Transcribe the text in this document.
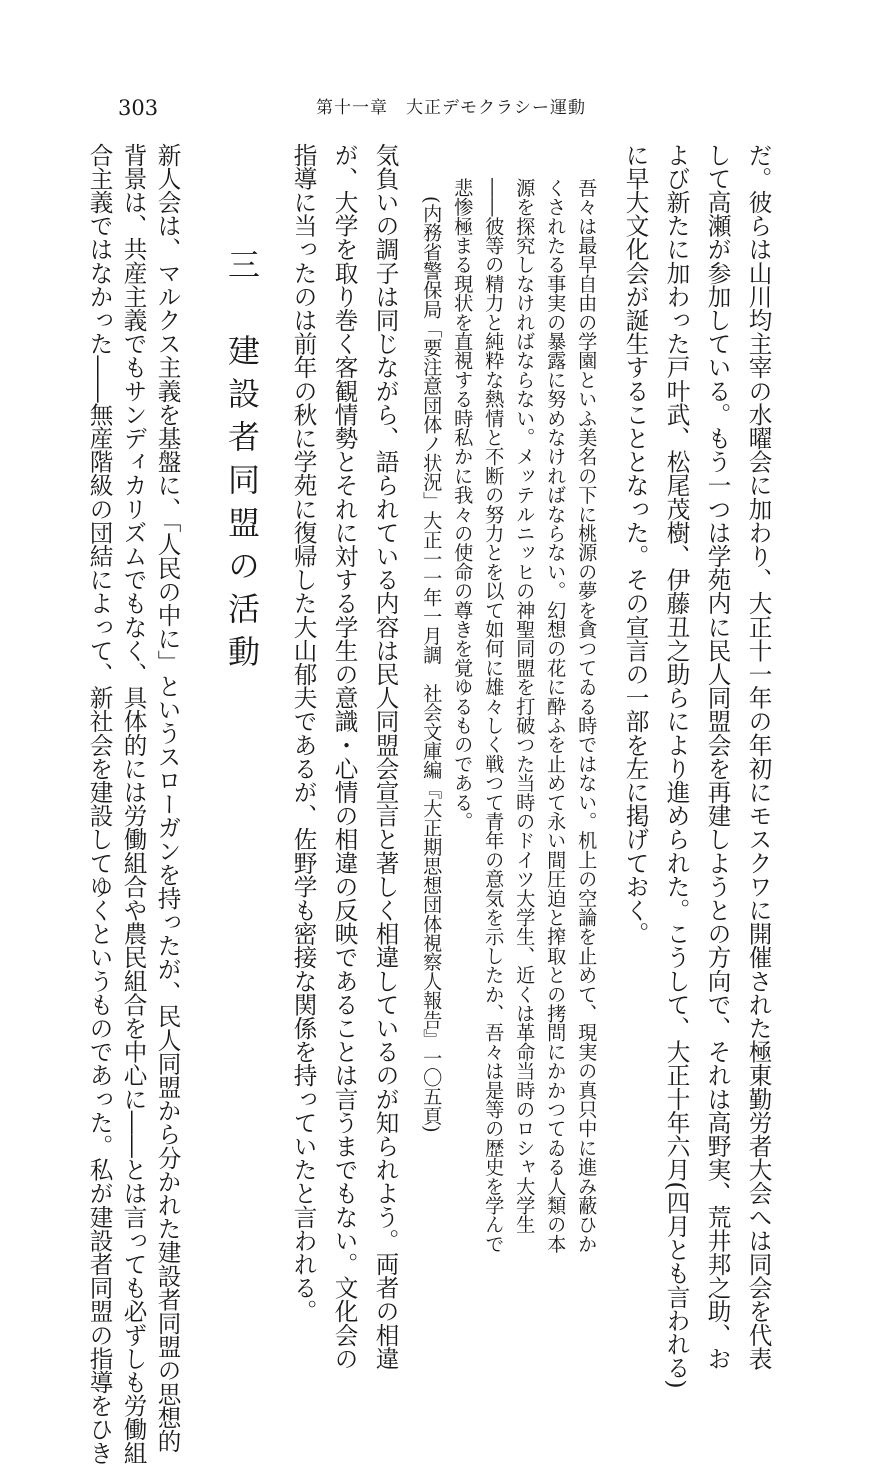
303	第十一章　大正デモクラシー運動
だ。彼らは山川均主宰の水曜会に加わり、大正十一年の年初にモスクワに開催された極東勤労者大会へは同会を代表
して高瀬が参加している。もう一つは学苑内に民人同盟会を再建しようとの方向で、それは高野実、荒井邦之助、お
よび新たに加わった戸叶武、松尾茂樹、伊藤丑之助らにより進められた。こうして、大正十年六月(四月とも言われる)
に早大文化会が誕生することとなった。その宣言の一部を左に掲げておく。
吾々は最早自由の学園といふ美名の下に桃源の夢を貪つてゐる時ではない。机上の空論を止めて、現実の真只中に進み蔽ひか
くされたる事実の暴露に努めなければならない。幻想の花に酔ふを止めて永い間圧迫と搾取との拷問にかかつてゐる人類の本
源を探究しなければならない。メッテルニッヒの神聖同盟を打破つた当時のドイツ大学生、近くは革命当時のロシャ大学生
――彼等の精力と純粋な熱情と不断の努力とを以て如何に雄々しく戦つて青年の意気を示したか、吾々は是等の歴史を学んで
悲惨極まる現状を直視する時私かに我々の使命の尊きを覚ゆるものである。
(内務省警保局「要注意団体ノ状況」大正一一年一月調　社会文庫編『大正期思想団体視察人報告』一〇五頁)
気負いの調子は同じながら、語られている内容は民人同盟会宣言と著しく相違しているのが知られよう。両者の相違
が、大学を取り巻く客観情勢とそれに対する学生の意識・心情の相違の反映であることは言うまでもない。文化会の
指導に当ったのは前年の秋に学苑に復帰した大山郁夫であるが、佐野学も密接な関係を持っていたと言われる。
三　建設者同盟の活動
新人会は、マルクス主義を基盤に、「人民の中に」というスローガンを持ったが、民人同盟から分かれた建設者同盟の思想的
背景は、共産主義でもサンディカリズムでもなく、具体的には労働組合や農民組合を中心に――とは言っても必ずしも労働組
合主義ではなかった――無産階級の団結によって、新社会を建設してゆくというものであった。私が建設者同盟の指導をひき
